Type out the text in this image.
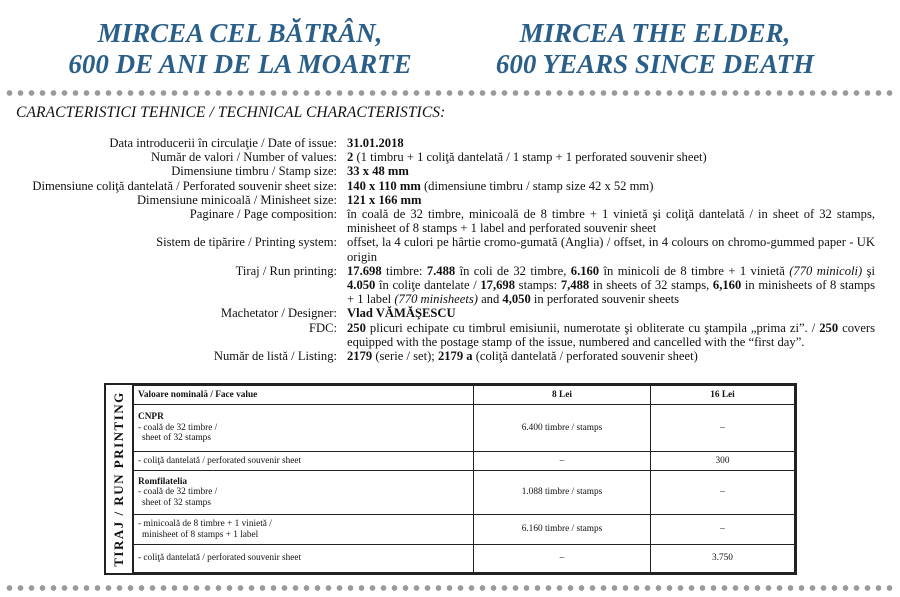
MIRCEA CEL BĂTRÂN,
600 DE ANI DE LA MOARTE
MIRCEA THE ELDER,
600 YEARS SINCE DEATH
CARACTERISTICI TEHNICE / TECHNICAL CHARACTERISTICS:
Data introducerii în circulaţie / Date of issue: 31.01.2018
Număr de valori / Number of values: 2 (1 timbru + 1 coliţă dantelată / 1 stamp + 1 perforated souvenir sheet)
Dimensiune timbru / Stamp size: 33 x 48 mm
Dimensiune coliţă dantelată / Perforated souvenir sheet size: 140 x 110 mm (dimensiune timbru / stamp size 42 x 52 mm)
Dimensiune minicoală / Minisheet size: 121 x 166 mm
Paginare / Page composition: în coală de 32 timbre, minicoală de 8 timbre + 1 vinietă şi coliţă dantelată / in sheet of 32 stamps, minisheet of 8 stamps + 1 label and perforated souvenir sheet
Sistem de tipărire / Printing system: offset, la 4 culori pe hârtie cromo-gumată (Anglia) / offset, in 4 colours on chromo-gummed paper - UK origin
Tiraj / Run printing: 17.698 timbre: 7.488 în coli de 32 timbre, 6.160 în minicoli de 8 timbre + 1 vinietă (770 minicoli) şi 4.050 în coliţe dantelate / 17,698 stamps: 7,488 in sheets of 32 stamps, 6,160 in minisheets of 8 stamps + 1 label (770 minisheets) and 4,050 in perforated souvenir sheets
Machetator / Designer: Vlad VĂMĂŞESCU
FDC: 250 plicuri echipate cu timbrul emisiunii, numerotate şi obliterate cu ştampila „prima zi”. / 250 covers equipped with the postage stamp of the issue, numbered and cancelled with the “first day”.
Număr de listă / Listing: 2179 (serie / set); 2179 a (coliţă dantelată / perforated souvenir sheet)
TIRAJ / RUN PRINTING Valoare nominală / Face value	8 Lei	16 Lei

CNPR
- coală de 32 timbre /
sheet of 32 stamps	6.400 timbre / stamps	–
- coliţă dantelată / perforated souvenir sheet	–	300

Romfilatelia
- coală de 32 timbre /
sheet of 32 stamps	1.088 timbre / stamps	–

- minicoală de 8 timbre + 1 vinietă /
minisheet of 8 stamps + 1 label	6.160 timbre / stamps	–
- coliţă dantelată / perforated souvenir sheet	–	3.750
